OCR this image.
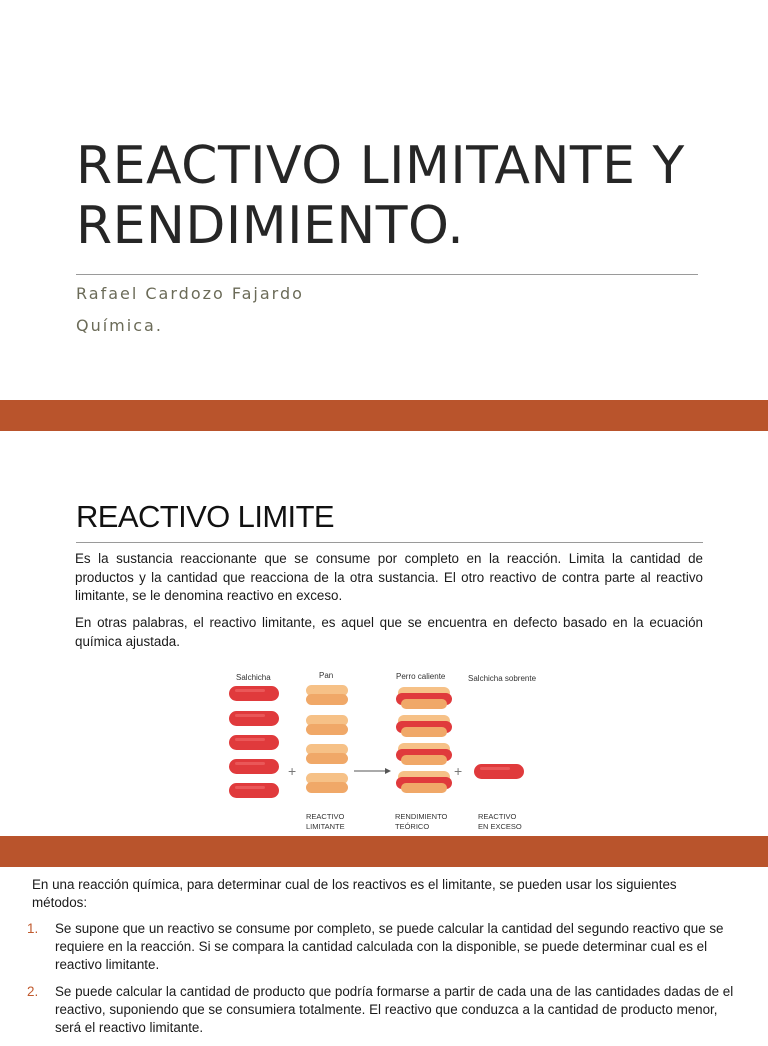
REACTIVO LIMITANTE Y
RENDIMIENTO.
Rafael Cardozo Fajardo
Química.
REACTIVO LIMITE

Es la sustancia reaccionante que se consume por completo en la reacción. Limita la cantidad de productos y la cantidad que reacciona de la otra sustancia. El otro reactivo de contra parte al reactivo limitante, se le denomina reactivo en exceso.

En otras palabras, el reactivo limitante, es aquel que se encuentra en defecto basado en la ecuación química ajustada.

Salchicha	Pan	Perro caliente	Salchicha sobrente
+	+
REACTIVO
LIMITANTE
RENDIMIENTO
TEÓRICO
REACTIVO
EN EXCESO

En una reacción química, para determinar cual de los reactivos es el limitante, se pueden usar los siguientes métodos:

1. Se supone que un reactivo se consume por completo, se puede calcular la cantidad del segundo reactivo que se requiere en la reacción. Si se compara la cantidad calculada con la disponible, se puede determinar cual es el reactivo limitante.
2. Se puede calcular la cantidad de producto que podría formarse a partir de cada una de las cantidades dadas de el reactivo, suponiendo que se consumiera totalmente. El reactivo que conduzca a la cantidad de producto menor, será el reactivo limitante.
